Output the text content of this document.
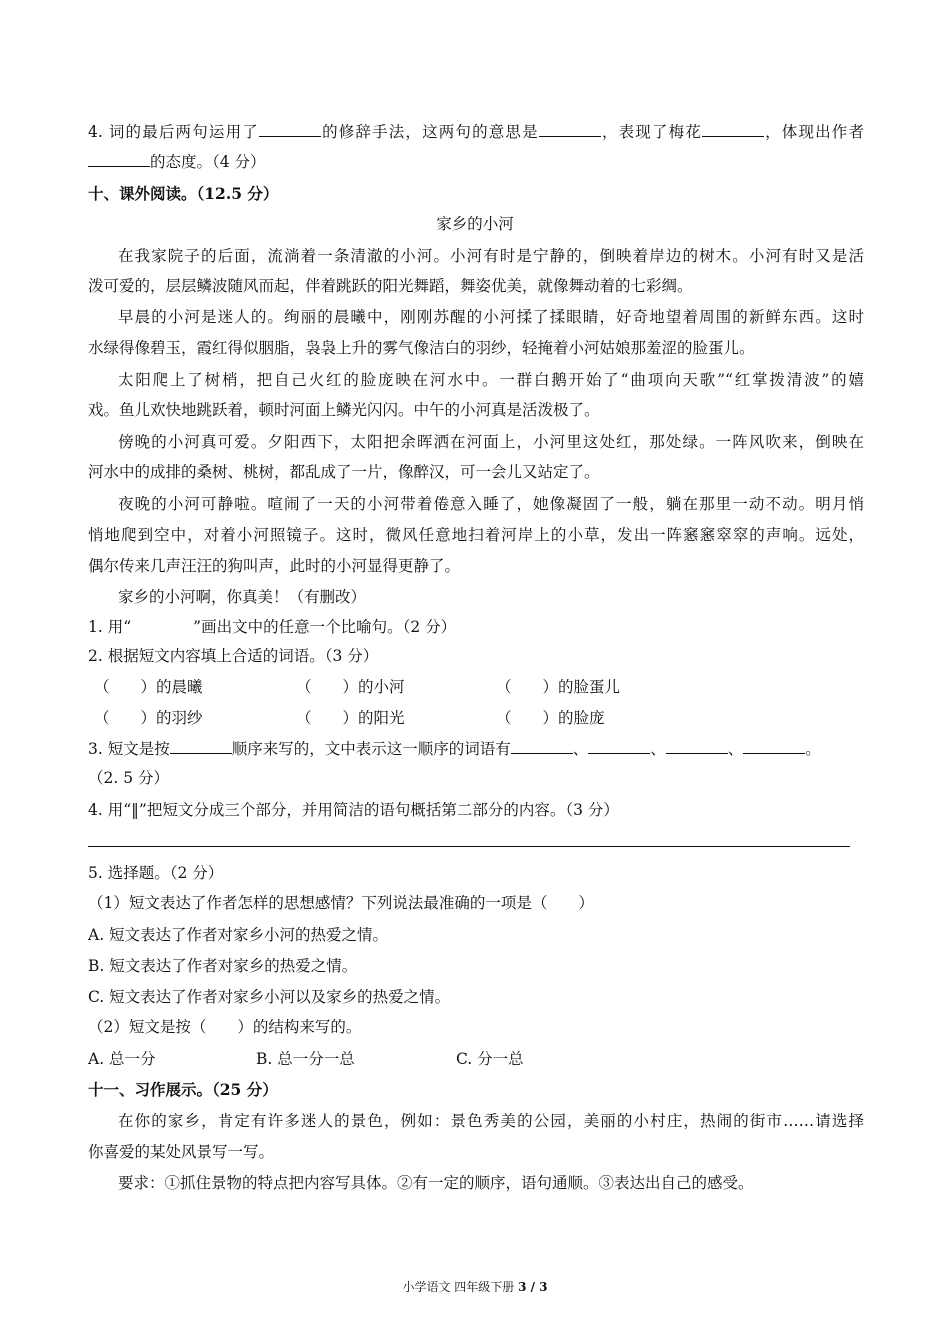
4. 词的最后两句运用了	的修辞手法，这两句的意思是	，表现了梅花	，体现出作者
的态度。（4 分）
十、课外阅读。（12.5 分）
家乡的小河
在我家院子的后面，流淌着一条清澈的小河。小河有时是宁静的，倒映着岸边的树木。小河有时又是活
泼可爱的，层层鳞波随风而起，伴着跳跃的阳光舞蹈，舞姿优美，就像舞动着的七彩绸。
早晨的小河是迷人的。绚丽的晨曦中，刚刚苏醒的小河揉了揉眼睛，好奇地望着周围的新鲜东西。这时
水绿得像碧玉，霞红得似胭脂，袅袅上升的雾气像洁白的羽纱，轻掩着小河姑娘那羞涩的脸蛋儿。
太阳爬上了树梢，把自己火红的脸庞映在河水中。一群白鹅开始了“曲项向天歌”“红掌拨清波”的嬉
戏。鱼儿欢快地跳跃着，顿时河面上鳞光闪闪。中午的小河真是活泼极了。
傍晚的小河真可爱。夕阳西下，太阳把余晖洒在河面上，小河里这处红，那处绿。一阵风吹来，倒映在
河水中的成排的桑树、桃树，都乱成了一片，像醉汉，可一会儿又站定了。
夜晚的小河可静啦。喧闹了一天的小河带着倦意入睡了，她像凝固了一般，躺在那里一动不动。明月悄
悄地爬到空中，对着小河照镜子。这时，微风任意地扫着河岸上的小草，发出一阵窸窸窣窣的声响。远处，
偶尔传来几声汪汪的狗叫声，此时的小河显得更静了。
家乡的小河啊，你真美！（有删改）
1. 用“	”画出文中的任意一个比喻句。（2 分）
2. 根据短文内容填上合适的词语。（3 分）
（　　 ）的晨曦	（　　 ）的小河	（　　 ）的脸蛋儿
（　　 ）的羽纱	（　　 ）的阳光	（　　 ）的脸庞
3. 短文是按	顺序来写的，文中表示这一顺序的词语有	、	、	、	。
（2. 5 分）
4. 用“‖”把短文分成三个部分，并用简洁的语句概括第二部分的内容。（3 分）
5. 选择题。（2 分）
（1）短文表达了作者怎样的思想感情？下列说法最准确的一项是（　　）
A. 短文表达了作者对家乡小河的热爱之情。
B. 短文表达了作者对家乡的热爱之情。
C. 短文表达了作者对家乡小河以及家乡的热爱之情。
（2）短文是按（　　）的结构来写的。
A. 总一分	B. 总一分一总	C. 分一总
十一、习作展示。（25 分）
在你的家乡，肯定有许多迷人的景色，例如：景色秀美的公园，美丽的小村庄，热闹的街市……请选择
你喜爱的某处风景写一写。
要求：①抓住景物的特点把内容写具体。②有一定的顺序，语句通顺。③表达出自己的感受。
小学语文 四年级下册 3 / 3
